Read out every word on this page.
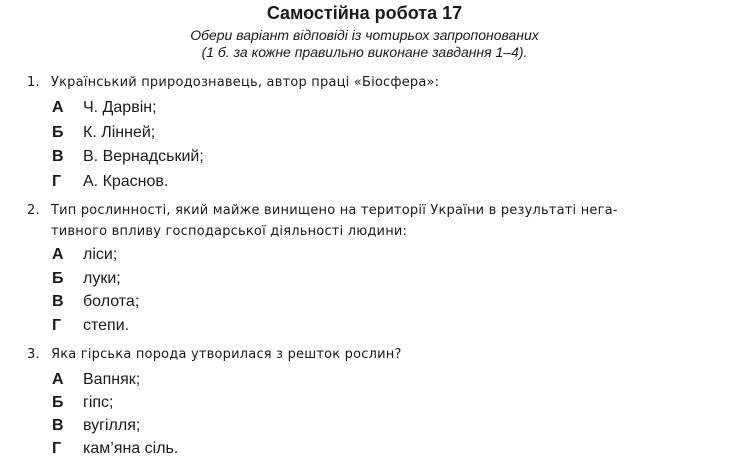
Самостійна робота 17
Обери варіант відповіді із чотирьох запропонованих
(1 б. за кожне правильно виконане завдання 1–4).
1. Український природознавець, автор праці «Біосфера»:
А Ч. Дарвін;
Б К. Лінней;
В В. Вернадський;
Г А. Краснов.
2. Тип рослинності, який майже винищено на території України в результаті нега-
тивного впливу господарської діяльності людини:
А ліси;
Б луки;
В болота;
Г степи.
3. Яка гірська порода утворилася з решток рослин?
А Вапняк;
Б гіпс;
В вугілля;
Г кам’яна сіль.
